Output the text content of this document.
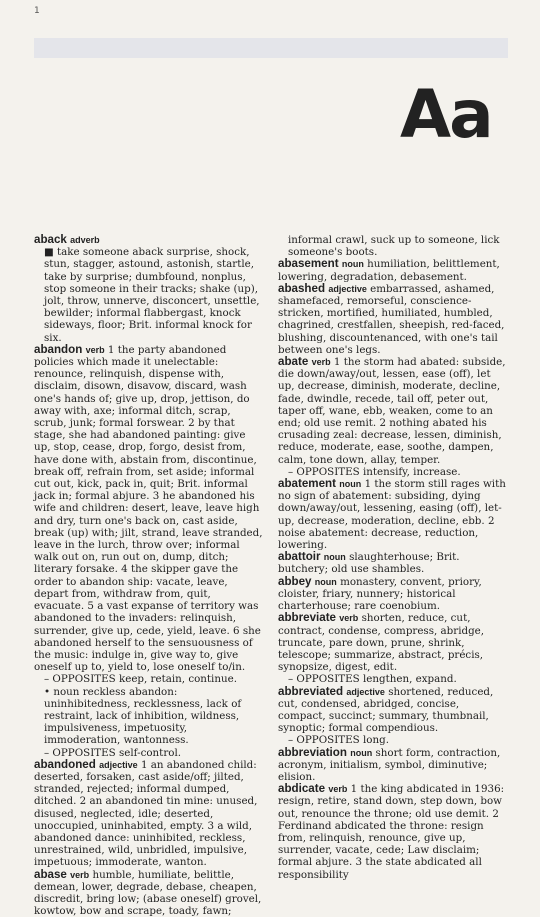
1
Aa

aback adverb

■ take someone aback surprise, shock, stun, stagger, astound, astonish, startle, take by surprise; dumbfound, nonplus, stop someone in their tracks; shake (up), jolt, throw, unnerve, disconcert, unsettle, bewilder; informal flabbergast, knock sideways, floor; Brit. informal knock for six.

abandon verb 1 the party abandoned policies which made it unelectable: renounce, relinquish, dispense with, disclaim, disown, disavow, discard, wash one's hands of; give up, drop, jettison, do away with, axe; informal ditch, scrap, scrub, junk; formal forswear. 2 by that stage, she had abandoned painting: give up, stop, cease, drop, forgo, desist from, have done with, abstain from, discontinue, break off, refrain from, set aside; informal cut out, kick, pack in, quit; Brit. informal jack in; formal abjure. 3 he abandoned his wife and children: desert, leave, leave high and dry, turn one's back on, cast aside, break (up) with; jilt, strand, leave stranded, leave in the lurch, throw over; informal walk out on, run out on, dump, ditch; literary forsake. 4 the skipper gave the order to abandon ship: vacate, leave, depart from, withdraw from, quit, evacuate. 5 a vast expanse of territory was abandoned to the invaders: relinquish, surrender, give up, cede, yield, leave. 6 she abandoned herself to the sensuousness of the music: indulge in, give way to, give oneself up to, yield to, lose oneself to/in.

– OPPOSITES keep, retain, continue.

• noun reckless abandon: uninhibitedness, recklessness, lack of restraint, lack of inhibition, wildness, impulsiveness, impetuosity, immoderation, wantonness.

– OPPOSITES self-control.

abandoned adjective 1 an abandoned child: deserted, forsaken, cast aside/off; jilted, stranded, rejected; informal dumped, ditched. 2 an abandoned tin mine: unused, disused, neglected, idle; deserted, unoccupied, uninhabited, empty. 3 a wild, abandoned dance: uninhibited, reckless, unrestrained, wild, unbridled, impulsive, impetuous; immoderate, wanton.

abase verb humble, humiliate, belittle, demean, lower, degrade, debase, cheapen, discredit, bring low; (abase oneself) grovel, kowtow, bow and scrape, toady, fawn;

informal crawl, suck up to someone, lick someone's boots.

abasement noun humiliation, belittlement, lowering, degradation, debasement.

abashed adjective embarrassed, ashamed, shamefaced, remorseful, conscience-stricken, mortified, humiliated, humbled, chagrined, crestfallen, sheepish, red-faced, blushing, discountenanced, with one's tail between one's legs.

abate verb 1 the storm had abated: subside, die down/away/out, lessen, ease (off), let up, decrease, diminish, moderate, decline, fade, dwindle, recede, tail off, peter out, taper off, wane, ebb, weaken, come to an end; old use remit. 2 nothing abated his crusading zeal: decrease, lessen, diminish, reduce, moderate, ease, soothe, dampen, calm, tone down, allay, temper.

– OPPOSITES intensify, increase.

abatement noun 1 the storm still rages with no sign of abatement: subsiding, dying down/away/out, lessening, easing (off), let-up, decrease, moderation, decline, ebb. 2 noise abatement: decrease, reduction, lowering.

abattoir noun slaughterhouse; Brit. butchery; old use shambles.

abbey noun monastery, convent, priory, cloister, friary, nunnery; historical charterhouse; rare coenobium.

abbreviate verb shorten, reduce, cut, contract, condense, compress, abridge, truncate, pare down, prune, shrink, telescope; summarize, abstract, précis, synopsize, digest, edit.

– OPPOSITES lengthen, expand.

abbreviated adjective shortened, reduced, cut, condensed, abridged, concise, compact, succinct; summary, thumbnail, synoptic; formal compendious.

– OPPOSITES long.

abbreviation noun short form, contraction, acronym, initialism, symbol, diminutive; elision.

abdicate verb 1 the king abdicated in 1936: resign, retire, stand down, step down, bow out, renounce the throne; old use demit. 2 Ferdinand abdicated the throne: resign from, relinquish, renounce, give up, surrender, vacate, cede; Law disclaim; formal abjure. 3 the state abdicated all responsibility
